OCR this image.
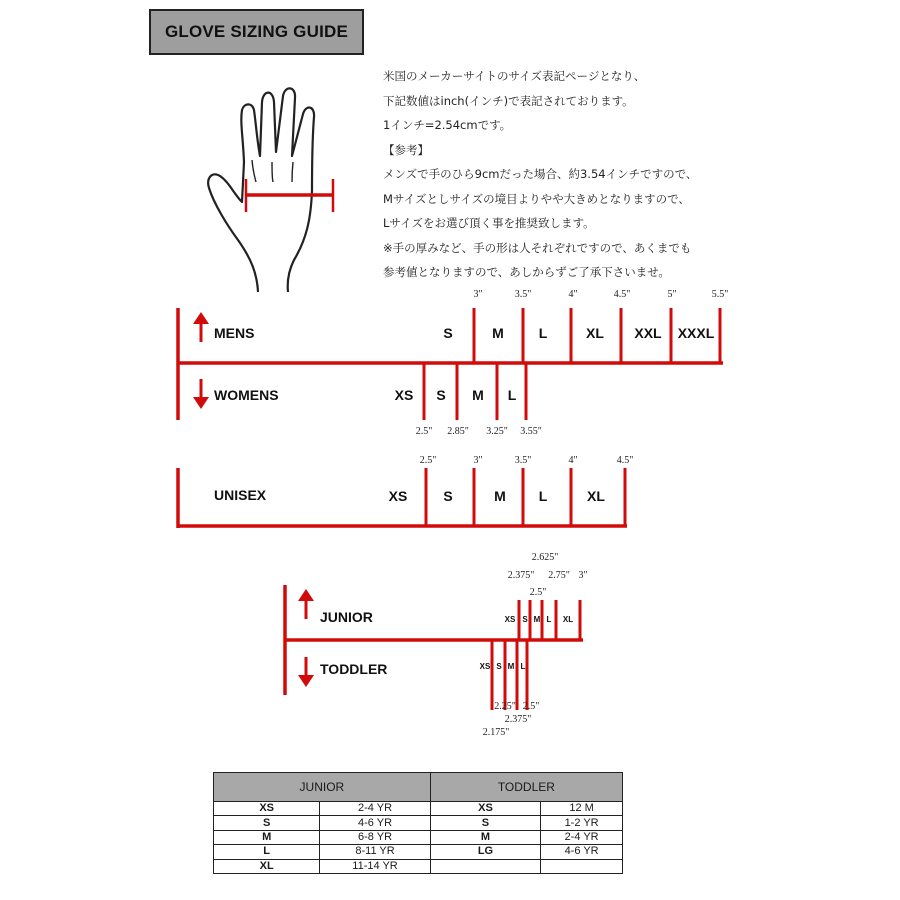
GLOVE SIZING GUIDE
米国のメーカーサイトのサイズ表記ページとなり、
下記数値はinch(インチ)で表記されております。
1インチ=2.54cmです。
【参考】
メンズで手のひら9cmだった場合、約3.54インチですので、
Mサイズとしサイズの境目よりやや大きめとなりますので、
Lサイズをお選び頂く事を推奨致します。
※手の厚みなど、手の形は人それぞれですので、あくまでも
参考値となりますので、あしからずご了承下さいませ。
MENS
WOMENS
UNISEX
JUNIOR
TODDLER
S	M L	XL XXL XXXL
3"	3.5"	4"	4.5"	5"	5.5"
XS S M L
2.5" 2.85" 3.25" 3.55"
XS	S	M L	XL
2.5"	3"	3.5"	4"	4.5"
XS S M L XL
2.375"
2.5"
2.625"
2.75" 3"
XS S M L
2.175"
2.25"
2.375"
2.5"
JUNIOR		TODDLER	
XS	2-4 YR	XS	12 M
S	4-6 YR	S	1-2 YR
M	6-8 YR	M	2-4 YR
L	8-11 YR	LG	4-6 YR
XL	11-14 YR		
